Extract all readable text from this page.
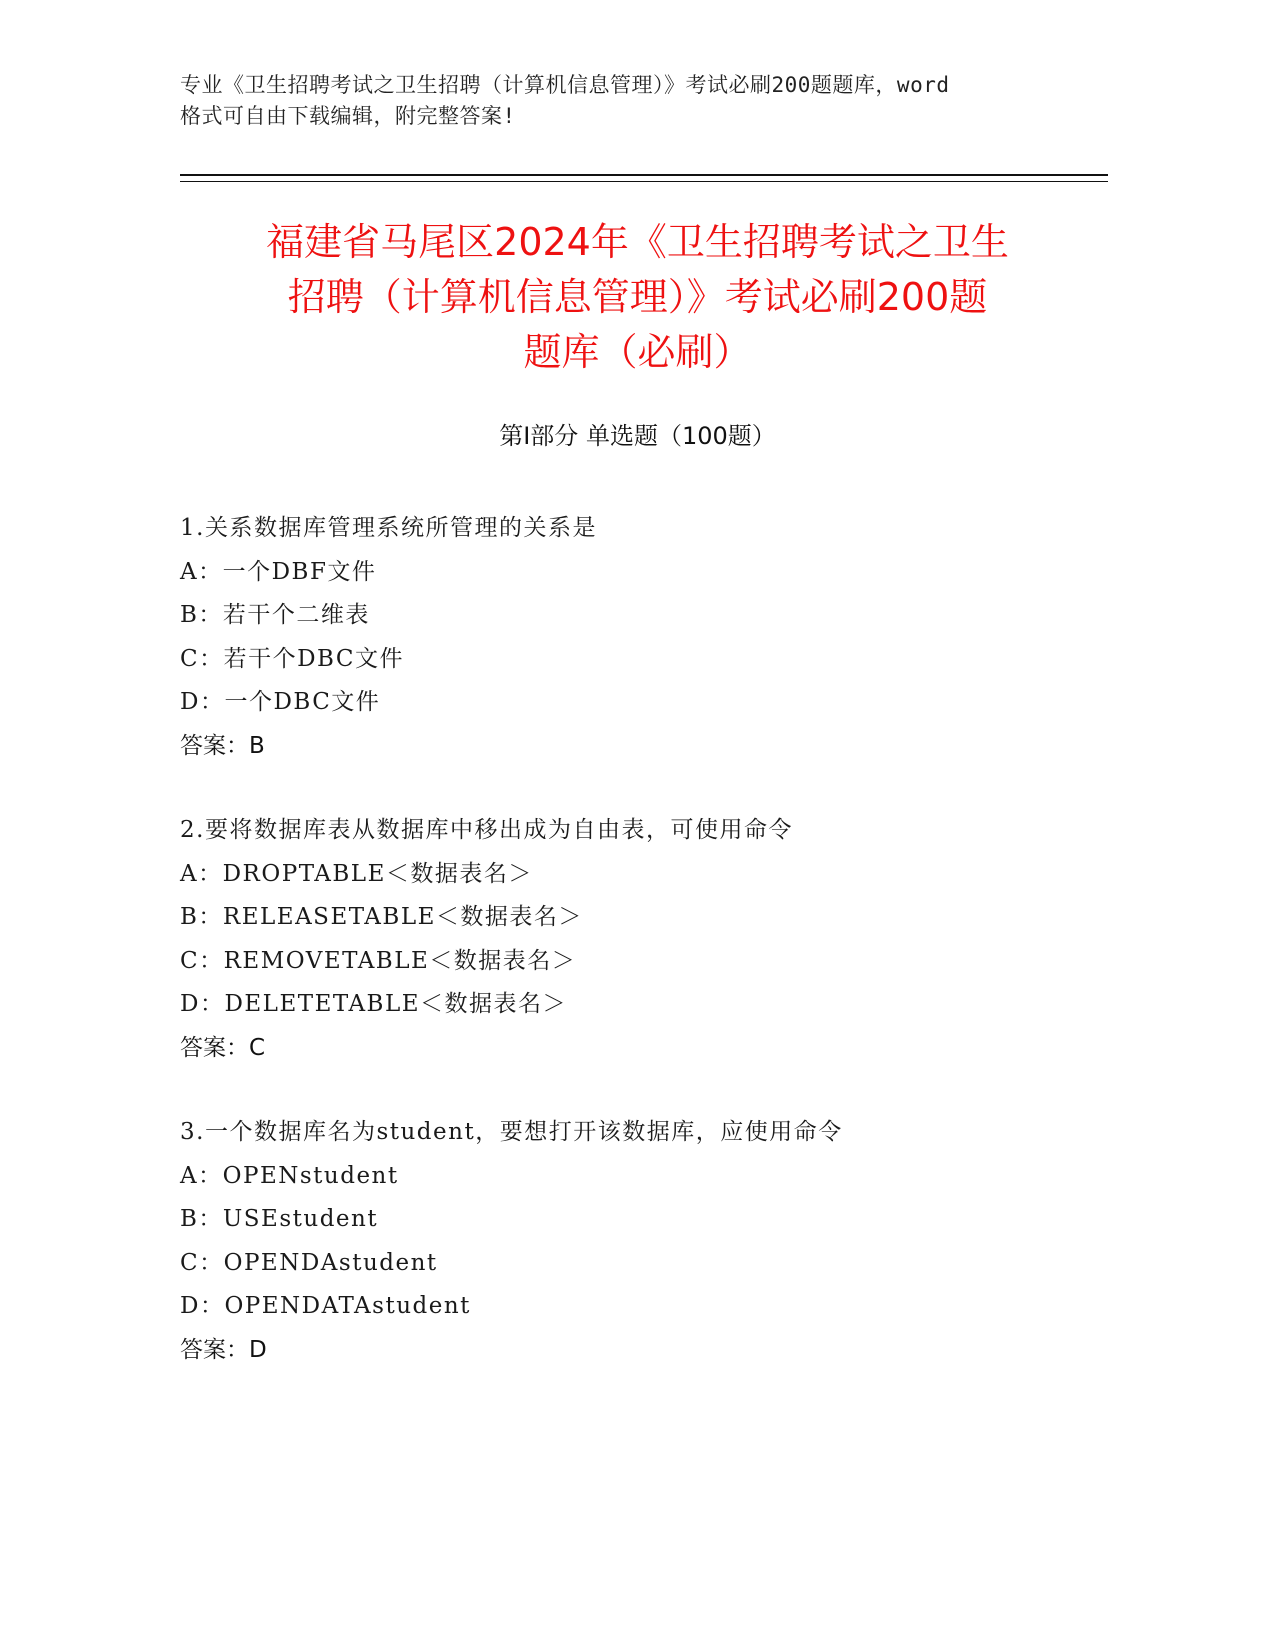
专业《卫生招聘考试之卫生招聘（计算机信息管理）》考试必刷200题题库，word
格式可自由下载编辑，附完整答案!
福建省马尾区2024年《卫生招聘考试之卫生
招聘（计算机信息管理）》考试必刷200题
题库（必刷）
第Ⅰ部分 单选题（100题）
1.关系数据库管理系统所管理的关系是
A：一个DBF文件
B：若干个二维表
C：若干个DBC文件
D：一个DBC文件
答案：B
2.要将数据库表从数据库中移出成为自由表，可使用命令
A：DROPTABLE＜数据表名＞
B：RELEASETABLE＜数据表名＞
C：REMOVETABLE＜数据表名＞
D：DELETETABLE＜数据表名＞
答案：C
3.一个数据库名为student，要想打开该数据库，应使用命令
A：OPENstudent
B：USEstudent
C：OPENDAstudent
D：OPENDATAstudent
答案：D
